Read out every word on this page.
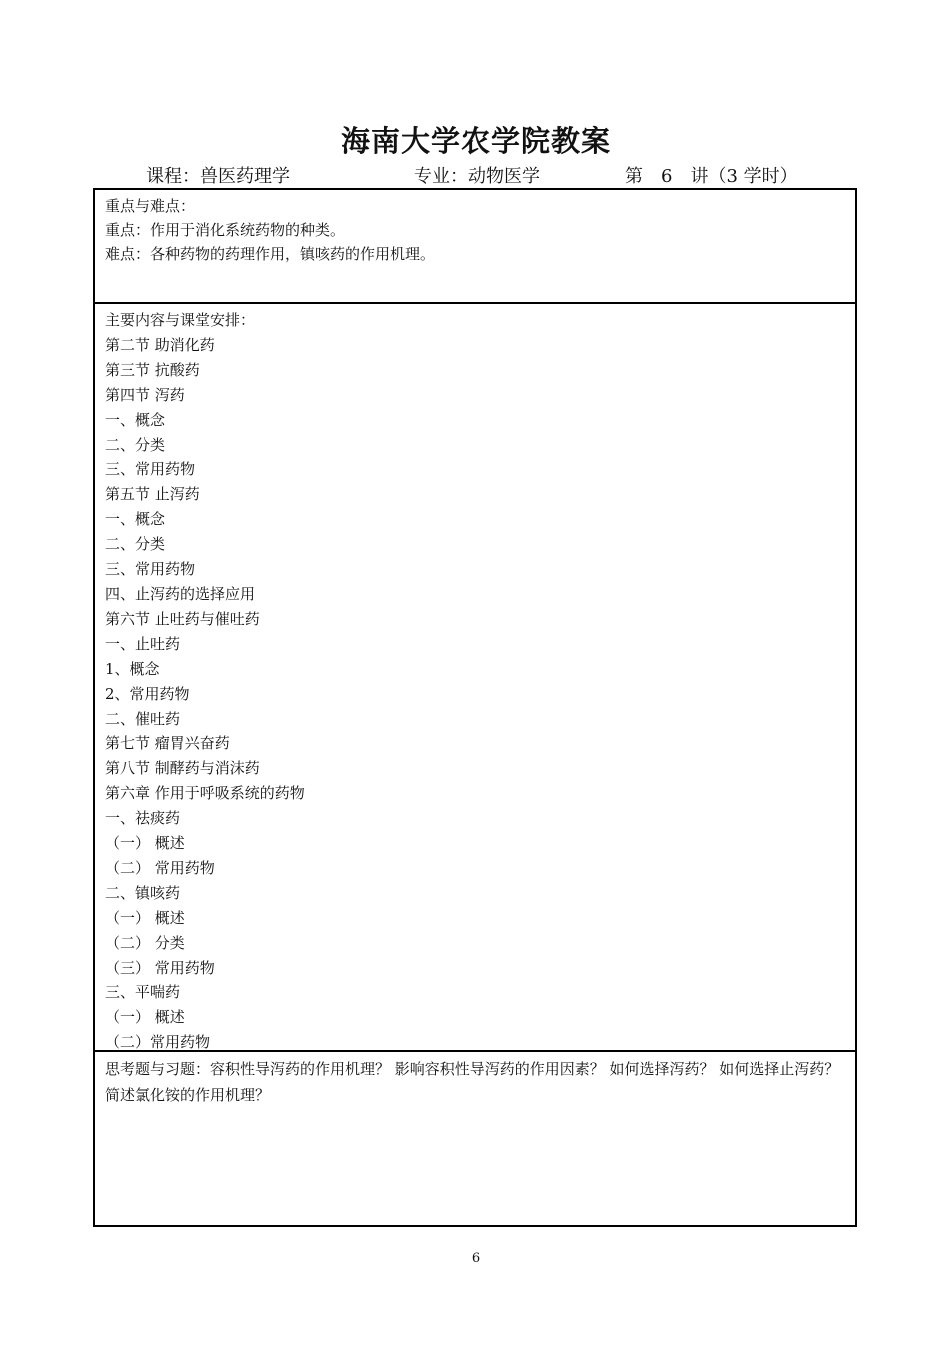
海南大学农学院教案
课程：兽医药理学	专业：动物医学	第　6　讲（3 学时）
重点与难点：
重点：作用于消化系统药物的种类。
难点：各种药物的药理作用，镇咳药的作用机理。
主要内容与课堂安排：
第二节 助消化药
第三节 抗酸药
第四节 泻药
一、概念
二、分类
三、常用药物
第五节 止泻药
一、概念
二、分类
三、常用药物
四、止泻药的选择应用
第六节 止吐药与催吐药
一、止吐药
1、概念
2、常用药物
二、催吐药
第七节 瘤胃兴奋药
第八节 制酵药与消沫药
第六章 作用于呼吸系统的药物
一、祛痰药
（一） 概述
（二） 常用药物
二、镇咳药
（一） 概述
（二） 分类
（三） 常用药物
三、平喘药
（一） 概述
（二）常用药物
思考题与习题：容积性导泻药的作用机理？ 影响容积性导泻药的作用因素？ 如何选择泻药？ 如何选择止泻药？简述氯化铵的作用机理？
6
